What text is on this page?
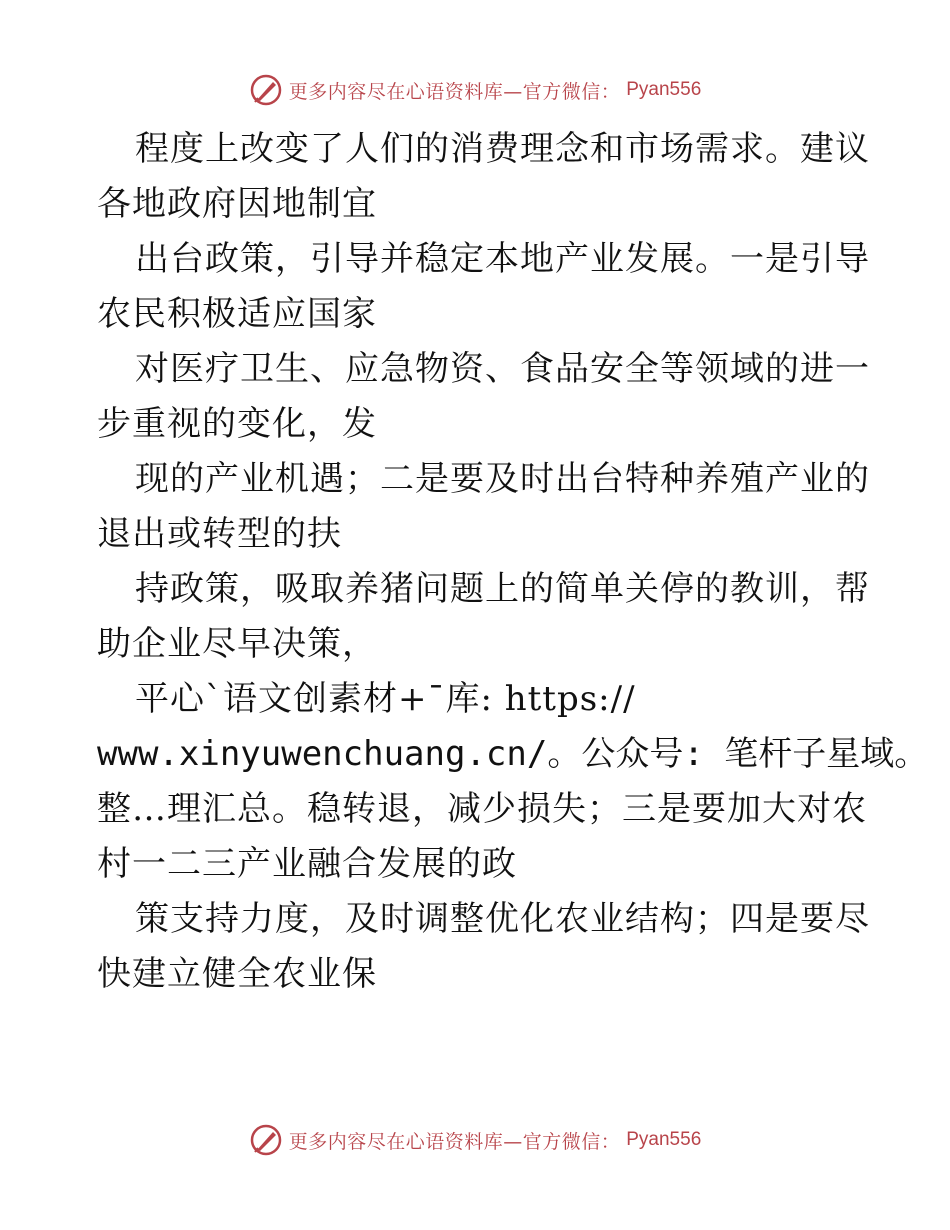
更多内容尽在心语资料库—官方微信： Pyan556
程度上改变了人们的消费理念和市场需求。建议
各地政府因地制宜
出台政策，引导并稳定本地产业发展。一是引导
农民积极适应国家
对医疗卫生、应急物资、食品安全等领域的进一
步重视的变化，发
现的产业机遇；二是要及时出台特种养殖产业的
退出或转型的扶
持政策，吸取养猪问题上的简单关停的教训，帮
助企业尽早决策，
平心`语文创素材+¯库: https://
www.xinyuwenchuang.cn/。公众号: 笔杆子星域。
整…理汇总。稳转退，减少损失；三是要加大对农
村一二三产业融合发展的政
策支持力度，及时调整优化农业结构；四是要尽
快建立健全农业保
更多内容尽在心语资料库—官方微信： Pyan556
